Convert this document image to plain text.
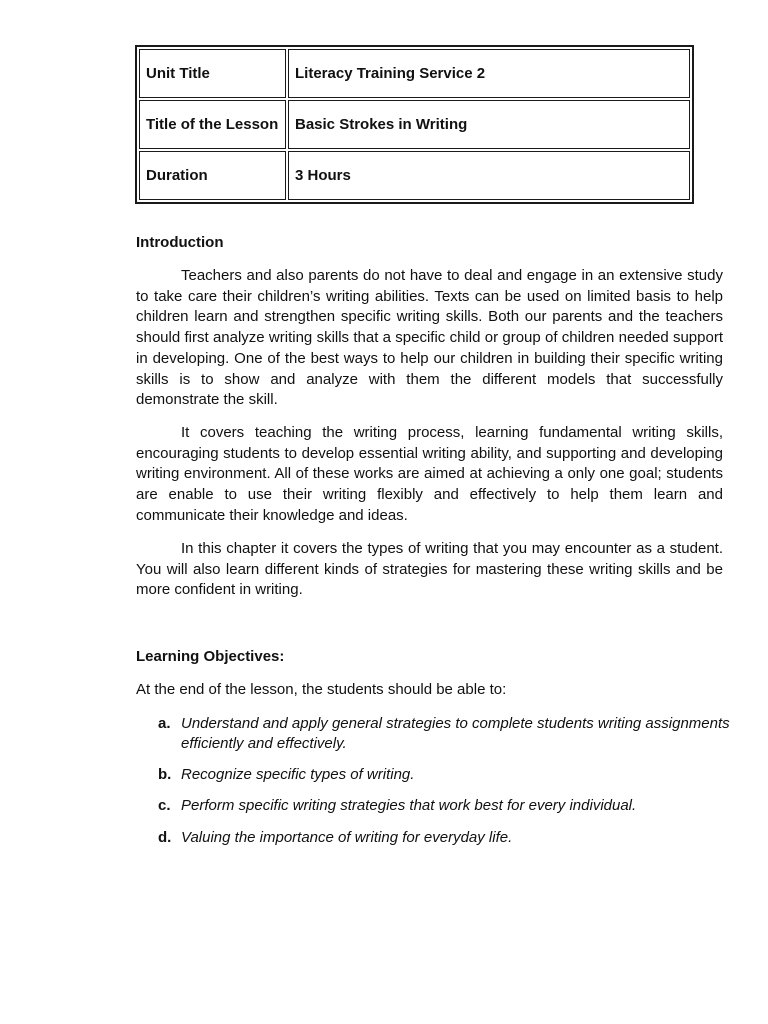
Unit Title	Literacy Training Service 2
Title of the Lesson	Basic Strokes in Writing
Duration	3 Hours
Introduction

Teachers and also parents do not have to deal and engage in an extensive study to take care their children’s writing abilities. Texts can be used on limited basis to help children learn and strengthen specific writing skills. Both our parents and the teachers should first analyze writing skills that a specific child or group of children needed support in developing. One of the best ways to help our children in building their specific writing skills is to show and analyze with them the different models that successfully demonstrate the skill.

It covers teaching the writing process, learning fundamental writing skills, encouraging students to develop essential writing ability, and supporting and developing writing environment. All of these works are aimed at achieving a only one goal; students are enable to use their writing flexibly and effectively to help them learn and communicate their knowledge and ideas.

In this chapter it covers the types of writing that you may encounter as a student. You will also learn different kinds of strategies for mastering these writing skills and be more confident in writing.

Learning Objectives:

At the end of the lesson, the students should be able to:

a. Understand and apply general strategies to complete students writing assignments efficiently and effectively.
b. Recognize specific types of writing.
c. Perform specific writing strategies that work best for every individual.
d. Valuing the importance of writing for everyday life.
